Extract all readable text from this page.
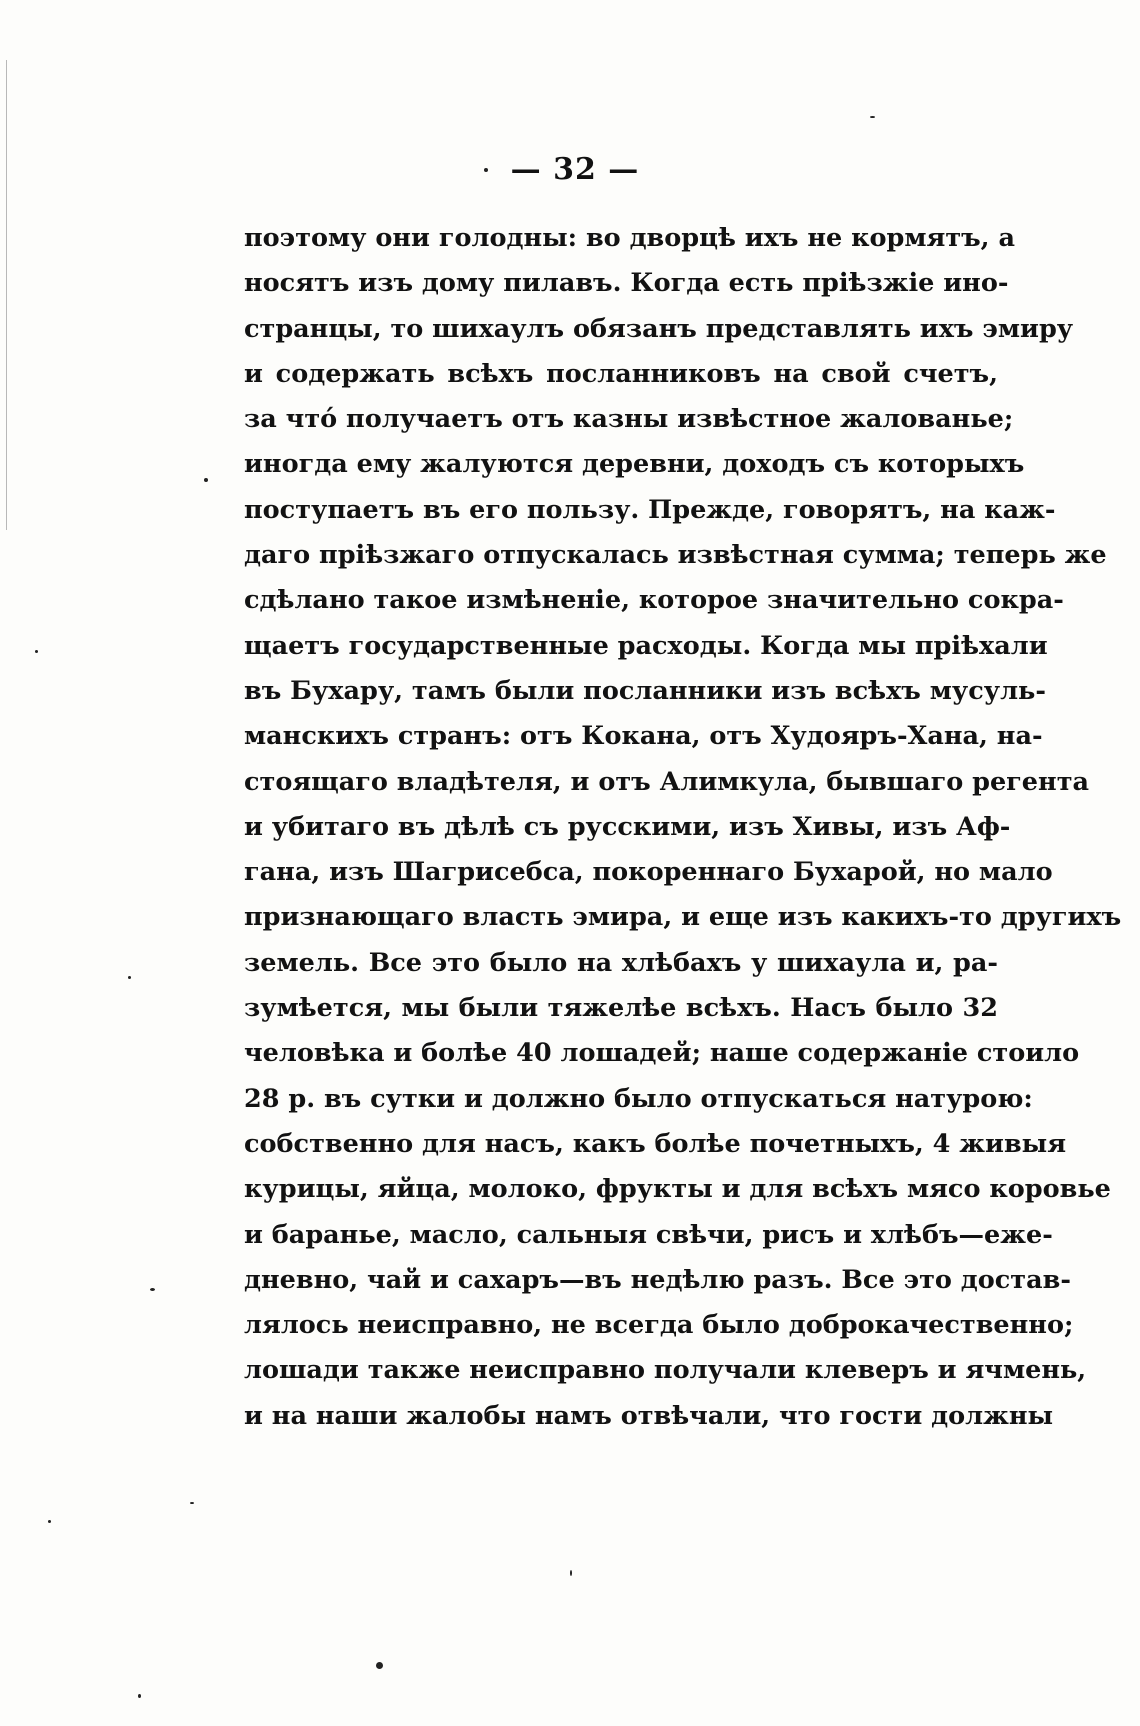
— 32 —
поэтому они голодны: во дворцѣ ихъ не кормятъ, а
носятъ изъ дому пилавъ. Когда есть пріѣзжіе ино-
странцы, то шихаулъ обязанъ представлять ихъ эмиру
и содержать всѣхъ посланниковъ на свой счетъ,
за что́ получаетъ отъ казны извѣстное жалованье;
иногда ему жалуются деревни, доходъ съ которыхъ
поступаетъ въ его пользу. Прежде, говорятъ, на каж-
даго пріѣзжаго отпускалась извѣстная сумма; теперь же
сдѣлано такое измѣненіе, которое значительно сокра-
щаетъ государственные расходы. Когда мы пріѣхали
въ Бухару, тамъ были посланники изъ всѣхъ мусуль-
манскихъ странъ: отъ Кокана, отъ Худояръ-Хана, на-
стоящаго владѣтеля, и отъ Алимкула, бывшаго регента
и убитаго въ дѣлѣ съ русскими, изъ Хивы, изъ Аф-
гана, изъ Шагрисебса, покореннаго Бухарой, но мало
признающаго власть эмира, и еще изъ какихъ-то другихъ
земель. Все это было на хлѣбахъ у шихаула и, ра-
зумѣется, мы были тяжелѣе всѣхъ. Насъ было 32
человѣка и болѣе 40 лошадей; наше содержаніе стоило
28 р. въ сутки и должно было отпускаться натурою:
собственно для насъ, какъ болѣе почетныхъ, 4 живыя
курицы, яйца, молоко, фрукты и для всѣхъ мясо коровье
и баранье, масло, сальныя свѣчи, рисъ и хлѣбъ—еже-
дневно, чай и сахаръ—въ недѣлю разъ. Все это достав-
лялось неисправно, не всегда было доброкачественно;
лошади также неисправно получали клеверъ и ячмень,
и на наши жалобы намъ отвѣчали, что гости должны
